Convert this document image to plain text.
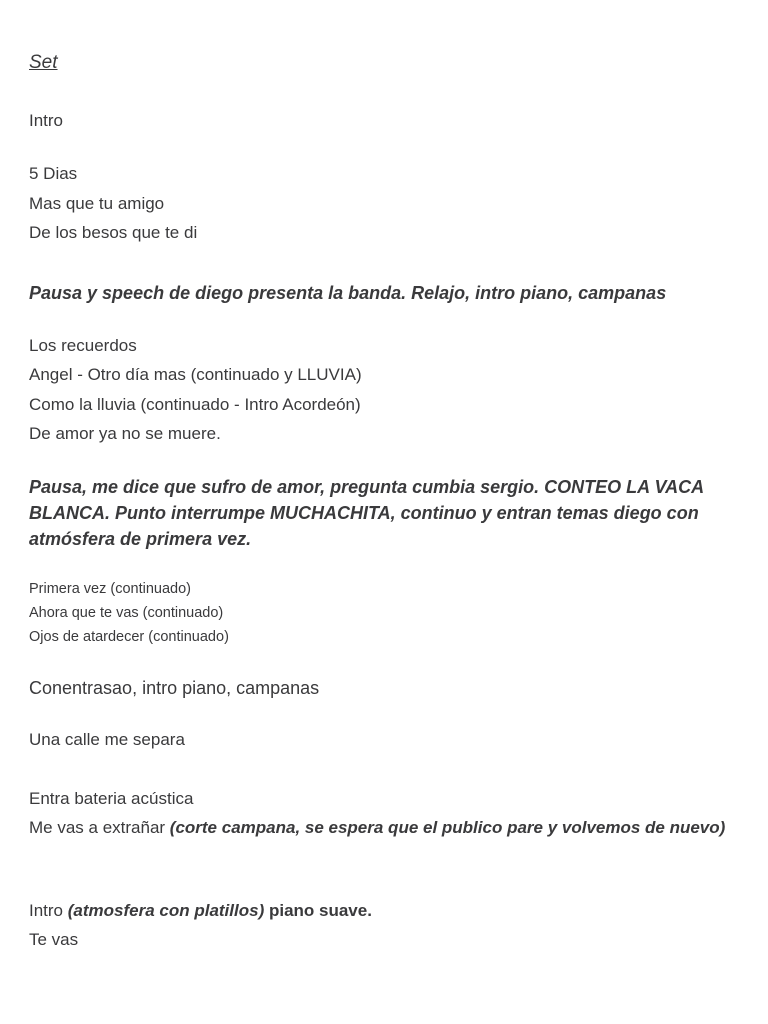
Set
Intro
5 Dias
Mas que tu amigo
De los besos que te di
Pausa y speech de diego presenta la banda. Relajo, intro piano, campanas
Los recuerdos
Angel - Otro día mas (continuado y LLUVIA)
Como la lluvia (continuado - Intro Acordeón)
De amor ya no se muere.
Pausa, me dice que sufro de amor, pregunta cumbia sergio. CONTEO LA VACA BLANCA. Punto interrumpe MUCHACHITA, continuo y entran temas diego con atmósfera de primera vez.
Primera vez (continuado)
Ahora que te vas (continuado)
Ojos de atardecer (continuado)
Conentrasao, intro piano, campanas
Una calle me separa
Entra bateria acústica
Me vas a extrañar (corte campana, se espera que el publico pare y volvemos de nuevo)
Intro (atmosfera con platillos) piano suave.
Te vas
